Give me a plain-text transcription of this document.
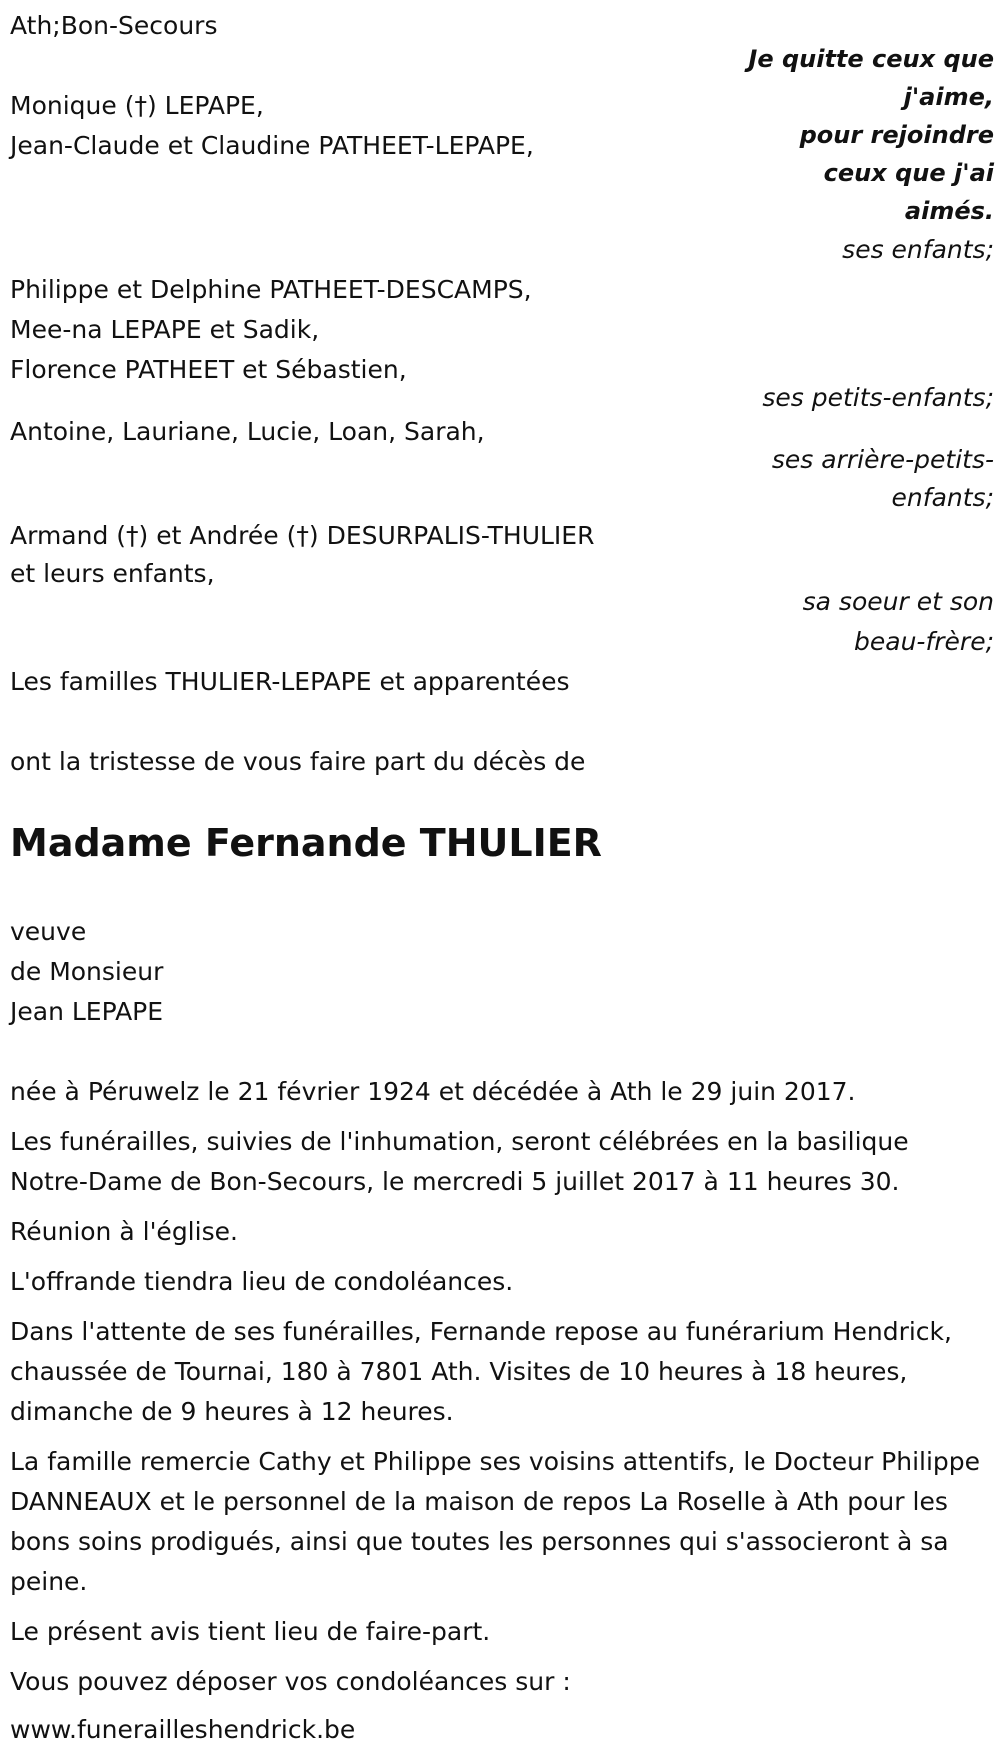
Ath;Bon-Secours

Je quitte ceux que
j'aime,
pour rejoindre
ceux que j'ai
aimés.

Monique (†) LEPAPE,

Jean-Claude et Claudine PATHEET-LEPAPE,

ses enfants;

Philippe et Delphine PATHEET-DESCAMPS,

Mee-na LEPAPE et Sadik,

Florence PATHEET et Sébastien,

ses petits-enfants;

Antoine, Lauriane, Lucie, Loan, Sarah,

ses arrière-petits-

enfants;

Armand (†) et Andrée (†) DESURPALIS-THULIER

et leurs enfants,

sa soeur et son

beau-frère;

Les familles THULIER-LEPAPE et apparentées

ont la tristesse de vous faire part du décès de

Madame Fernande THULIER

veuve

de Monsieur

Jean LEPAPE

née à Péruwelz le 21 février 1924 et décédée à Ath le 29 juin 2017.

Les funérailles, suivies de l'inhumation, seront célébrées en la basilique Notre-Dame de Bon-Secours, le mercredi 5 juillet 2017 à 11 heures 30.

Réunion à l'église.

L'offrande tiendra lieu de condoléances.

Dans l'attente de ses funérailles, Fernande repose au funérarium Hendrick, chaussée de Tournai, 180 à 7801 Ath. Visites de 10 heures à 18 heures, dimanche de 9 heures à 12 heures.

La famille remercie Cathy et Philippe ses voisins attentifs, le Docteur Philippe DANNEAUX et le personnel de la maison de repos La Roselle à Ath pour les bons soins prodigués, ainsi que toutes les personnes qui s'associeront à sa peine.

Le présent avis tient lieu de faire-part.

Vous pouvez déposer vos condoléances sur :

www.funerailleshendrick.be
